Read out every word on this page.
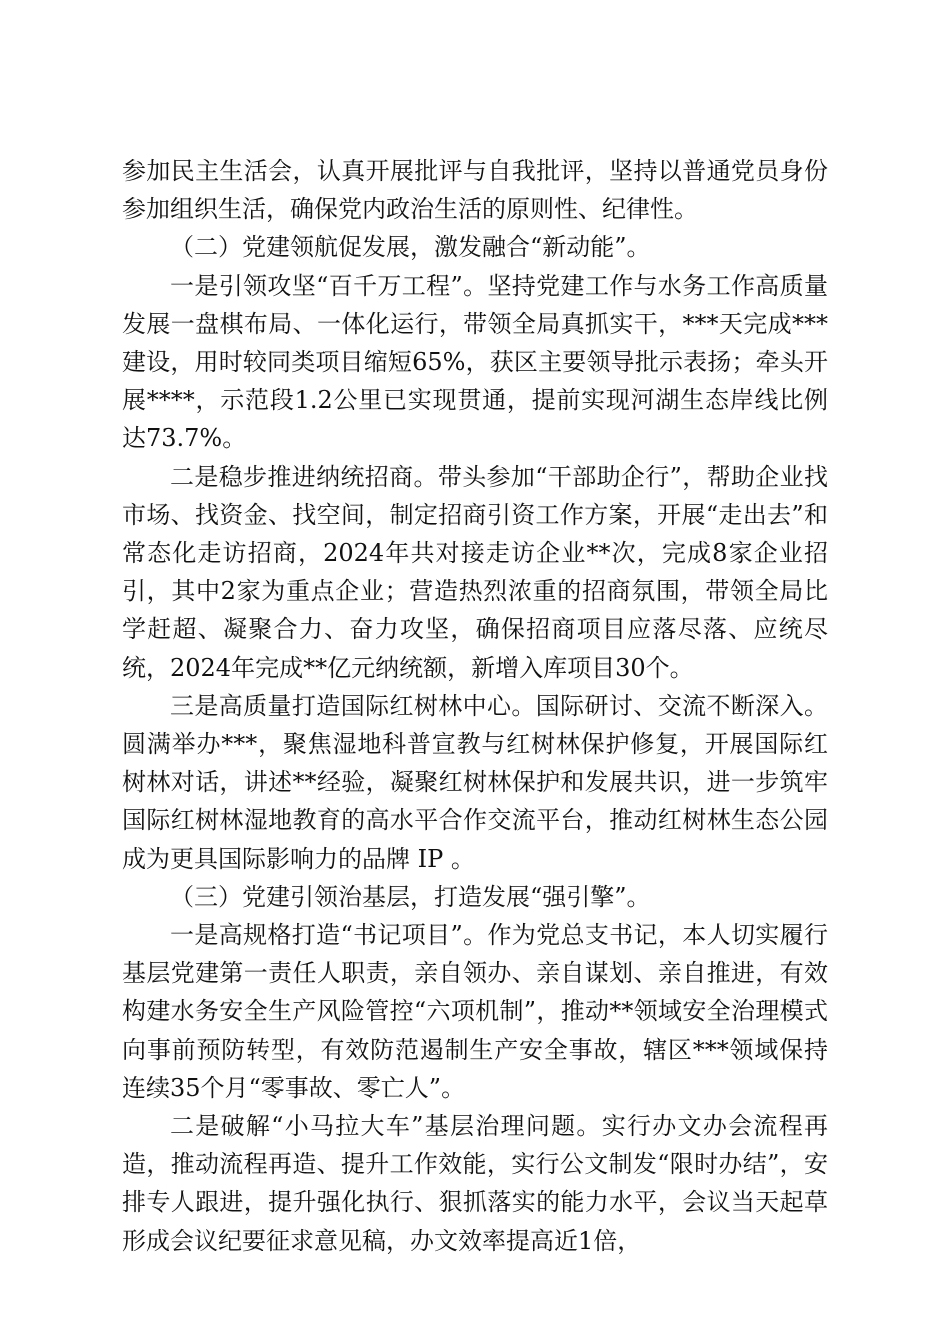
参加民主生活会，认真开展批评与自我批评，坚持以普通党员身份参加组织生活，确保党内政治生活的原则性、纪律性。

（二）党建领航促发展，激发融合“新动能”。

一是引领攻坚“百千万工程”。坚持党建工作与水务工作高质量发展一盘棋布局、一体化运行，带领全局真抓实干，***天完成***建设，用时较同类项目缩短65%，获区主要领导批示表扬；牵头开展****，示范段1.2公里已实现贯通，提前实现河湖生态岸线比例达73.7%。

二是稳步推进纳统招商。带头参加“干部助企行”，帮助企业找市场、找资金、找空间，制定招商引资工作方案，开展“走出去”和常态化走访招商，2024年共对接走访企业**次，完成8家企业招引，其中2家为重点企业；营造热烈浓重的招商氛围，带领全局比学赶超、凝聚合力、奋力攻坚，确保招商项目应落尽落、应统尽统，2024年完成**亿元纳统额，新增入库项目30个。

三是高质量打造国际红树林中心。国际研讨、交流不断深入。圆满举办***，聚焦湿地科普宣教与红树林保护修复，开展国际红树林对话，讲述**经验，凝聚红树林保护和发展共识，进一步筑牢国际红树林湿地教育的高水平合作交流平台，推动红树林生态公园成为更具国际影响力的品牌 IP 。

（三）党建引领治基层，打造发展“强引擎”。

一是高规格打造“书记项目”。作为党总支书记，本人切实履行基层党建第一责任人职责，亲自领办、亲自谋划、亲自推进，有效构建水务安全生产风险管控“六项机制”，推动**领域安全治理模式向事前预防转型，有效防范遏制生产安全事故，辖区***领域保持连续35个月“零事故、零亡人”。

二是破解“小马拉大车”基层治理问题。实行办文办会流程再造，推动流程再造、提升工作效能，实行公文制发“限时办结”，安排专人跟进，提升强化执行、狠抓落实的能力水平，会议当天起草形成会议纪要征求意见稿，办文效率提高近1倍，
